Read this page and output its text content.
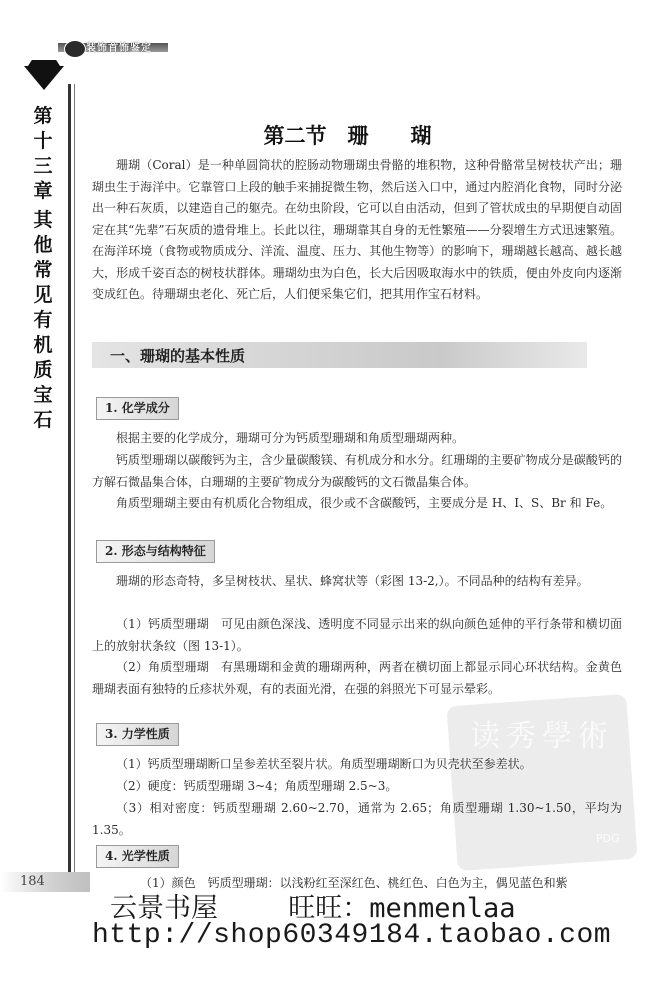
装饰首饰鉴定
第十三章
其他常见有机质宝石
184
第二节　珊　　瑚

珊瑚（Coral）是一种单圆筒状的腔肠动物珊瑚虫骨骼的堆积物，这种骨骼常呈树枝状产出；珊瑚虫生于海洋中。它靠管口上段的触手来捕捉微生物，然后送入口中，通过内腔消化食物，同时分泌出一种石灰质，以建造自己的躯壳。在幼虫阶段，它可以自由活动，但到了管状成虫的早期便自动固定在其“先辈”石灰质的遗骨堆上。长此以往，珊瑚靠其自身的无性繁殖——分裂增生方式迅速繁殖。在海洋环境（食物或物质成分、洋流、温度、压力、其他生物等）的影响下，珊瑚越长越高、越长越大，形成千姿百态的树枝状群体。珊瑚幼虫为白色，长大后因吸取海水中的铁质，便由外皮向内逐渐变成红色。待珊瑚虫老化、死亡后，人们便采集它们，把其用作宝石材料。

一、珊瑚的基本性质
1. 化学成分

根据主要的化学成分，珊瑚可分为钙质型珊瑚和角质型珊瑚两种。

钙质型珊瑚以碳酸钙为主，含少量碳酸镁、有机成分和水分。红珊瑚的主要矿物成分是碳酸钙的方解石微晶集合体，白珊瑚的主要矿物成分为碳酸钙的文石微晶集合体。

角质型珊瑚主要由有机质化合物组成，很少或不含碳酸钙，主要成分是 H、I、S、Br 和 Fe。

2. 形态与结构特征

珊瑚的形态奇特，多呈树枝状、星状、蜂窝状等（彩图 13-2,）。不同品种的结构有差异。

（1）钙质型珊瑚　可见由颜色深浅、透明度不同显示出来的纵向颜色延伸的平行条带和横切面上的放射状条纹（图 13-1）。

（2）角质型珊瑚　有黑珊瑚和金黄的珊瑚两种，两者在横切面上都显示同心环状结构。金黄色珊瑚表面有独特的丘疹状外观，有的表面光滑，在强的斜照光下可显示晕彩。

读秀學術
PDG
3. 力学性质

（1）钙质型珊瑚断口呈参差状至裂片状。角质型珊瑚断口为贝壳状至参差状。

（2）硬度：钙质型珊瑚 3~4；角质型珊瑚 2.5~3。

（3）相对密度：钙质型珊瑚 2.60~2.70，通常为 2.65；角质型珊瑚 1.30~1.50，平均为 1.35。

4. 光学性质

（1）颜色　钙质型珊瑚：以浅粉红至深红色、桃红色、白色为主，偶见蓝色和紫

云景书屋　　 旺旺：menmenlaa
http://shop60349184.taobao.com
